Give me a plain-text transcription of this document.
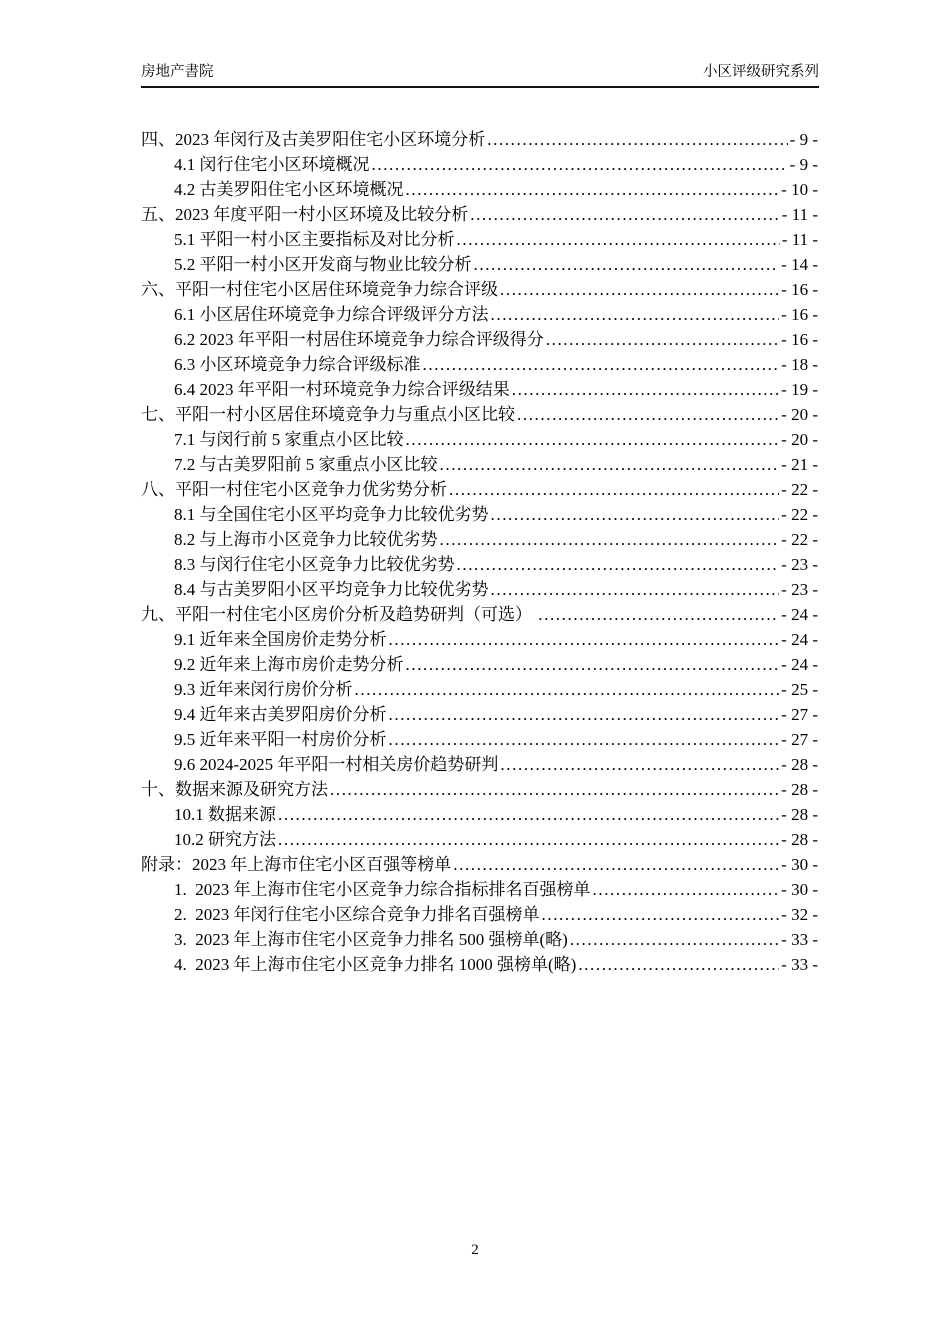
房地产書院	小区评级研究系列
四、2023 年闵行及古美罗阳住宅小区环境分析 .....	- 9 -
4.1 闵行住宅小区环境概况 .....	- 9 -
4.2 古美罗阳住宅小区环境概况 .....	- 10 -
五、2023 年度平阳一村小区环境及比较分析 .....	- 11 -
5.1 平阳一村小区主要指标及对比分析 .....	- 11 -
5.2 平阳一村小区开发商与物业比较分析 .....	- 14 -
六、平阳一村住宅小区居住环境竞争力综合评级 .....	- 16 -
6.1 小区居住环境竞争力综合评级评分方法 .....	- 16 -
6.2 2023 年平阳一村居住环境竞争力综合评级得分 .....	- 16 -
6.3 小区环境竞争力综合评级标准 .....	- 18 -
6.4 2023 年平阳一村环境竞争力综合评级结果 .....	- 19 -
七、平阳一村小区居住环境竞争力与重点小区比较 .....	- 20 -
7.1 与闵行前 5 家重点小区比较 .....	- 20 -
7.2 与古美罗阳前 5 家重点小区比较 .....	- 21 -
八、平阳一村住宅小区竞争力优劣势分析 .....	- 22 -
8.1 与全国住宅小区平均竞争力比较优劣势 .....	- 22 -
8.2 与上海市小区竞争力比较优劣势 .....	- 22 -
8.3 与闵行住宅小区竞争力比较优劣势 .....	- 23 -
8.4 与古美罗阳小区平均竞争力比较优劣势 .....	- 23 -
九、平阳一村住宅小区房价分析及趋势研判（可选） .....	- 24 -
9.1 近年来全国房价走势分析 .....	- 24 -
9.2 近年来上海市房价走势分析 .....	- 24 -
9.3 近年来闵行房价分析 .....	- 25 -
9.4 近年来古美罗阳房价分析 .....	- 27 -
9.5 近年来平阳一村房价分析 .....	- 27 -
9.6 2024-2025 年平阳一村相关房价趋势研判 .....	- 28 -
十、数据来源及研究方法 .....	- 28 -
10.1 数据来源 .....	- 28 -
10.2 研究方法 .....	- 28 -
附录：2023 年上海市住宅小区百强等榜单 .....	- 30 -
1.  2023 年上海市住宅小区竞争力综合指标排名百强榜单 .....	- 30 -
2.  2023 年闵行住宅小区综合竞争力排名百强榜单 .....	- 32 -
3.  2023 年上海市住宅小区竞争力排名 500 强榜单(略) .....	- 33 -
4.  2023 年上海市住宅小区竞争力排名 1000 强榜单(略) .....	- 33 -
2
